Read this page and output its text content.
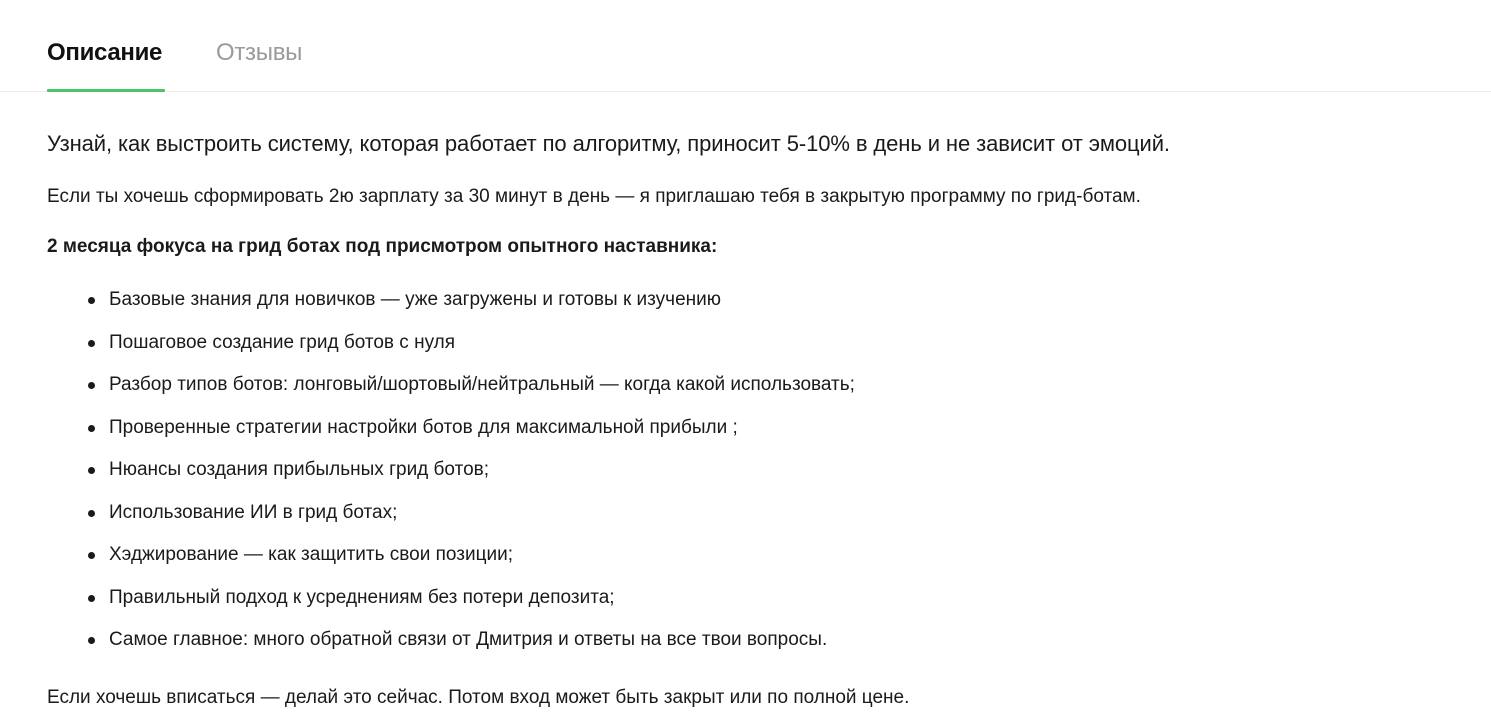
Описание Отзывы

Узнай, как выстроить систему, которая работает по алгоритму, приносит 5-10% в день и не зависит от эмоций.

Если ты хочешь сформировать 2ю зарплату за 30 минут в день — я приглашаю тебя в закрытую программу по грид-ботам.

2 месяца фокуса на грид ботах под присмотром опытного наставника:

Базовые знания для новичков — уже загружены и готовы к изучению
Пошаговое создание грид ботов с нуля
Разбор типов ботов: лонговый/шортовый/нейтральный — когда какой использовать;
Проверенные стратегии настройки ботов для максимальной прибыли ;
Нюансы создания прибыльных грид ботов;
Использование ИИ в грид ботах;
Хэджирование — как защитить свои позиции;
Правильный подход к усреднениям без потери депозита;
Самое главное: много обратной связи от Дмитрия и ответы на все твои вопросы.

Если хочешь вписаться — делай это сейчас. Потом вход может быть закрыт или по полной цене.
